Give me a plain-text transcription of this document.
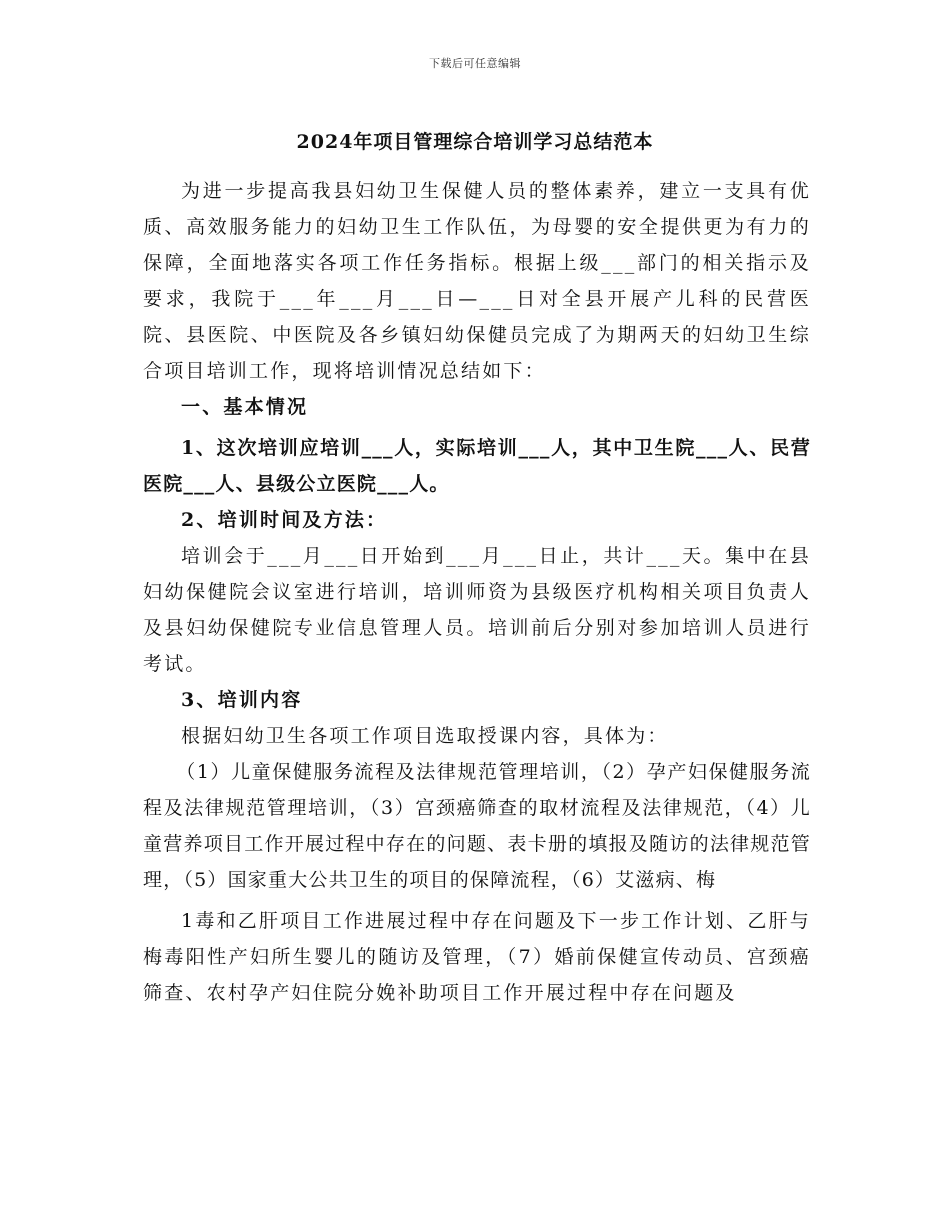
下载后可任意编辑
2024年项目管理综合培训学习总结范本

为进一步提高我县妇幼卫生保健人员的整体素养，建立一支具有优质、高效服务能力的妇幼卫生工作队伍，为母婴的安全提供更为有力的保障，全面地落实各项工作任务指标。根据上级___部门的相关指示及要求，我院于___年___月___日—___日对全县开展产儿科的民营医院、县医院、中医院及各乡镇妇幼保健员完成了为期两天的妇幼卫生综合项目培训工作，现将培训情况总结如下：

一、基本情况

1、这次培训应培训___人，实际培训___人，其中卫生院___人、民营医院___人、县级公立医院___人。

2、培训时间及方法：

培训会于___月___日开始到___月___日止，共计___天。集中在县妇幼保健院会议室进行培训，培训师资为县级医疗机构相关项目负责人及县妇幼保健院专业信息管理人员。培训前后分别对参加培训人员进行考试。

3、培训内容

根据妇幼卫生各项工作项目选取授课内容，具体为：

（1）儿童保健服务流程及法律规范管理培训，（2）孕产妇保健服务流程及法律规范管理培训，（3）宫颈癌筛查的取材流程及法律规范，（4）儿童营养项目工作开展过程中存在的问题、表卡册的填报及随访的法律规范管理，（5）国家重大公共卫生的项目的保障流程，（6）艾滋病、梅

1毒和乙肝项目工作进展过程中存在问题及下一步工作计划、乙肝与梅毒阳性产妇所生婴儿的随访及管理，（7）婚前保健宣传动员、宫颈癌筛查、农村孕产妇住院分娩补助项目工作开展过程中存在问题及
